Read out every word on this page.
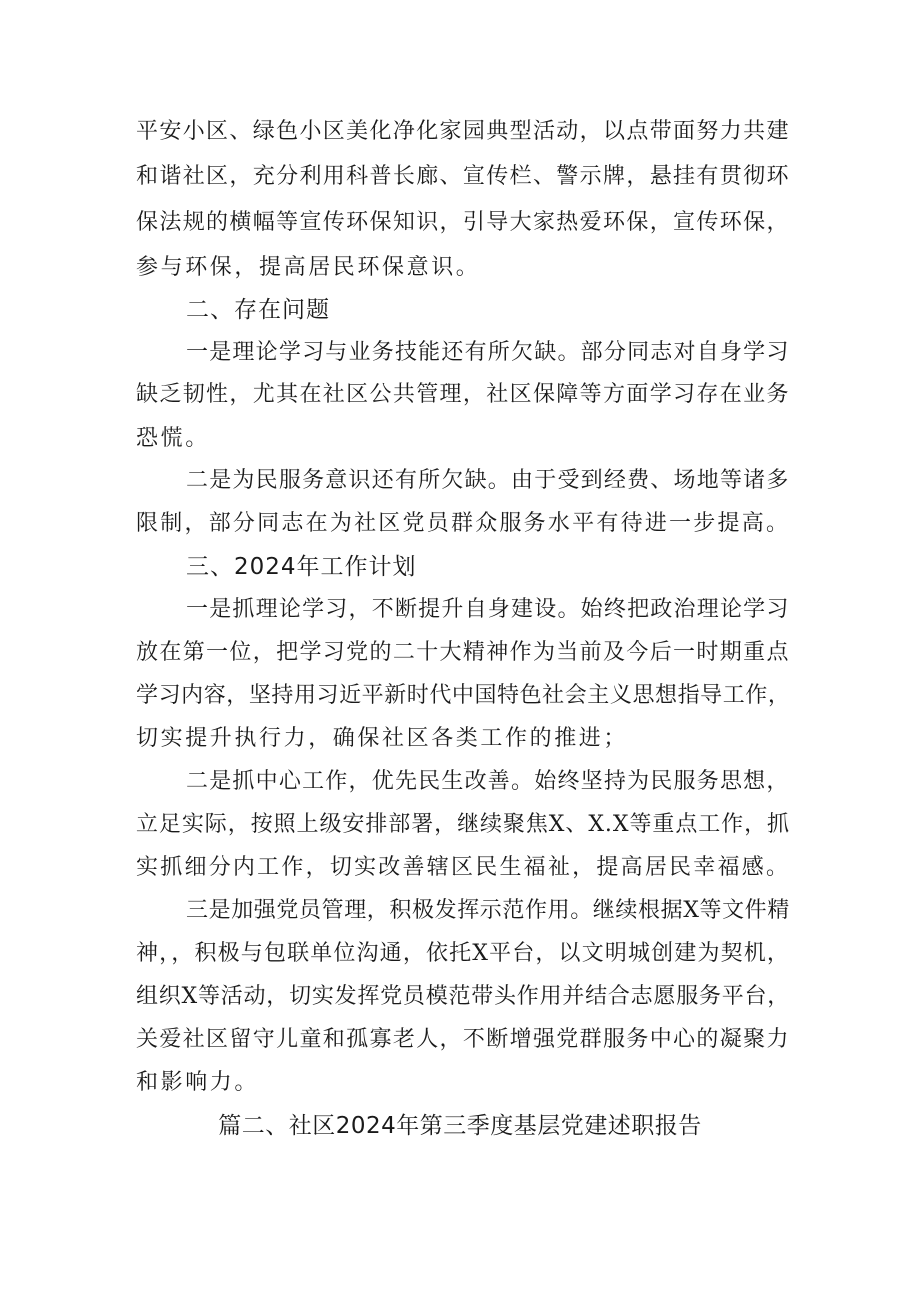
平安小区、绿色小区美化净化家园典型活动，以点带面努力共建
和谐社区，充分利用科普长廊、宣传栏、警示牌，悬挂有贯彻环
保法规的横幅等宣传环保知识，引导大家热爱环保，宣传环保，
参与环保，提高居民环保意识。
二、存在问题
一是理论学习与业务技能还有所欠缺。部分同志对自身学习
缺乏韧性，尤其在社区公共管理，社区保障等方面学习存在业务
恐慌。
二是为民服务意识还有所欠缺。由于受到经费、场地等诸多
限制，部分同志在为社区党员群众服务水平有待进一步提高。
三、2024年工作计划
一是抓理论学习，不断提升自身建设。始终把政治理论学习
放在第一位，把学习党的二十大精神作为当前及今后一时期重点
学习内容，坚持用习近平新时代中国特色社会主义思想指导工作，
切实提升执行力，确保社区各类工作的推进；
二是抓中心工作，优先民生改善。始终坚持为民服务思想，
立足实际，按照上级安排部署，继续聚焦X、X.X等重点工作，抓
实抓细分内工作，切实改善辖区民生福祉，提高居民幸福感。
三是加强党员管理，积极发挥示范作用。继续根据X等文件精
神，，积极与包联单位沟通，依托X平台，以文明城创建为契机，
组织X等活动，切实发挥党员模范带头作用并结合志愿服务平台，
关爱社区留守儿童和孤寡老人，不断增强党群服务中心的凝聚力
和影响力。
篇二、社区2024年第三季度基层党建述职报告
